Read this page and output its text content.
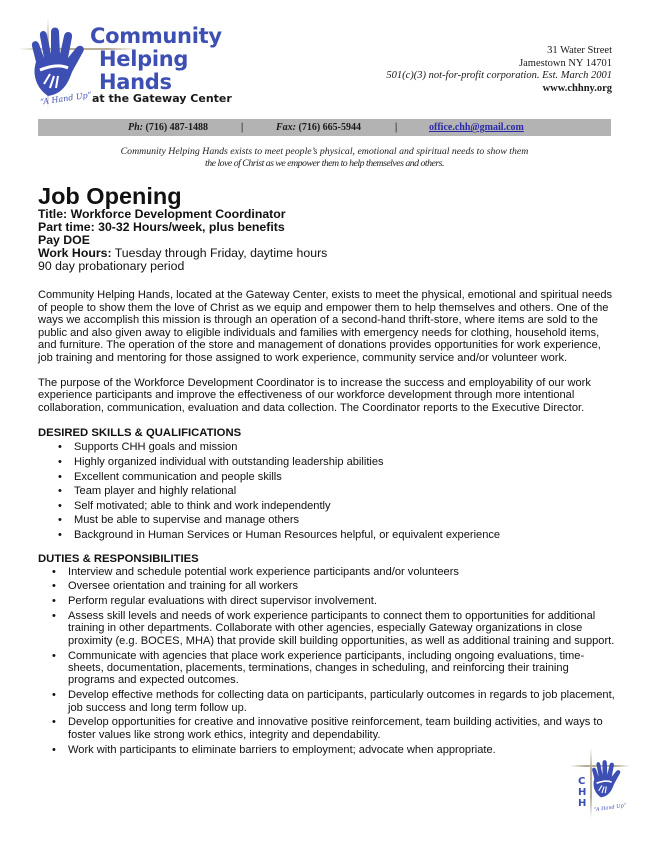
Community
Helping
Hands
at the Gateway Center
“A Hand Up”
31 Water Street
Jamestown NY 14701
501(c)(3) not-for-profit corporation. Est. March 2001
www.chhny.org
Ph: (716) 487-1488	|	Fax: (716) 665-5944	|	office.chh@gmail.com
Community Helping Hands exists to meet people’s physical, emotional and spiritual needs to show them
the love of Christ as we empower them to help themselves and others.
Job Opening
Title: Workforce Development Coordinator
Part time: 30-32 Hours/week, plus benefits
Pay DOE
Work Hours: Tuesday through Friday, daytime hours
90 day probationary period

Community Helping Hands, located at the Gateway Center, exists to meet the physical, emotional and spiritual needs of people to show them the love of Christ as we equip and empower them to help themselves and others. One of the ways we accomplish this mission is through an operation of a second-hand thrift-store, where items are sold to the public and also given away to eligible individuals and families with emergency needs for clothing, household items, and furniture. The operation of the store and management of donations provides opportunities for work experience, job training and mentoring for those assigned to work experience, community service and/or volunteer work.

The purpose of the Workforce Development Coordinator is to increase the success and employability of our work experience participants and improve the effectiveness of our workforce development through more intentional collaboration, communication, evaluation and data collection. The Coordinator reports to the Executive Director.

DESIRED SKILLS & QUALIFICATIONS
• Supports CHH goals and mission
• Highly organized individual with outstanding leadership abilities
• Excellent communication and people skills
• Team player and highly relational
• Self motivated; able to think and work independently
• Must be able to supervise and manage others
• Background in Human Services or Human Resources helpful, or equivalent experience
DUTIES & RESPONSIBILITIES
• Interview and schedule potential work experience participants and/or volunteers
• Oversee orientation and training for all workers
• Perform regular evaluations with direct supervisor involvement.
• Assess skill levels and needs of work experience participants to connect them to opportunities for additional training in other departments. Collaborate with other agencies, especially Gateway organizations in close proximity (e.g. BOCES, MHA) that provide skill building opportunities, as well as additional training and support.
• Communicate with agencies that place work experience participants, including ongoing evaluations, time-sheets, documentation, placements, terminations, changes in scheduling, and reinforcing their training programs and expected outcomes.
• Develop effective methods for collecting data on participants, particularly outcomes in regards to job placement, job success and long term follow up.
• Develop opportunities for creative and innovative positive reinforcement, team building activities, and ways to foster values like strong work ethics, integrity and dependability.
• Work with participants to eliminate barriers to employment; advocate when appropriate.
C
H
H “A Hand Up”
